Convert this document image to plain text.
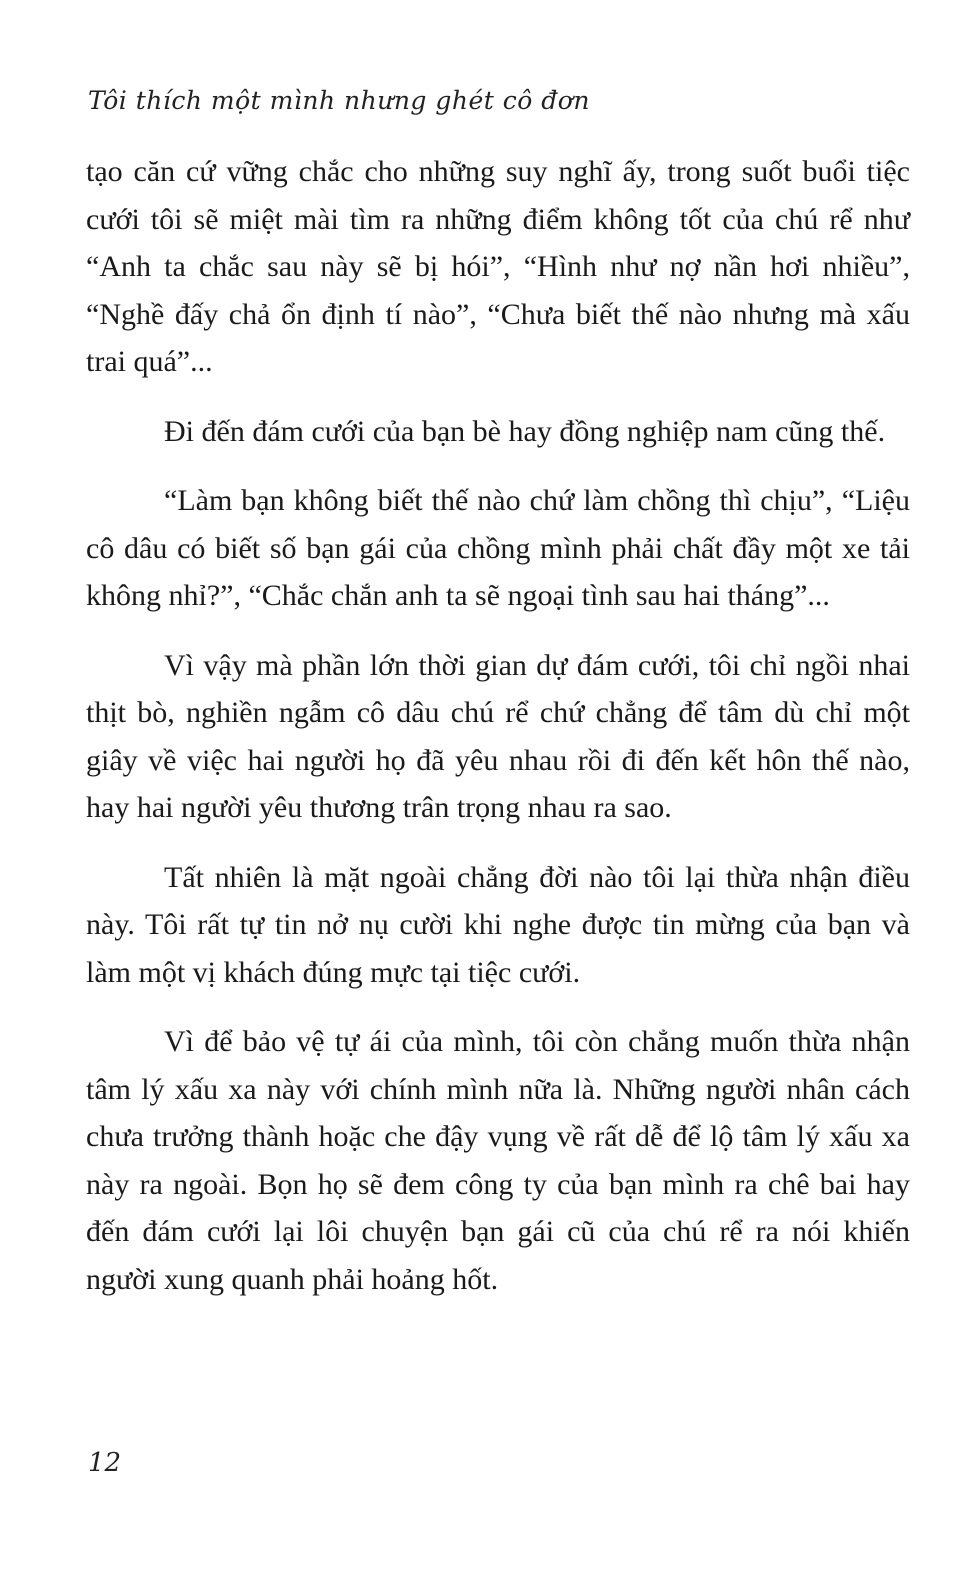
Tôi thích một mình nhưng ghét cô đơn

tạo căn cứ vững chắc cho những suy nghĩ ấy, trong suốt buổi tiệc cưới tôi sẽ miệt mài tìm ra những điểm không tốt của chú rể như “Anh ta chắc sau này sẽ bị hói”, “Hình như nợ nần hơi nhiều”, “Nghề đấy chả ổn định tí nào”, “Chưa biết thế nào nhưng mà xấu trai quá”...

Đi đến đám cưới của bạn bè hay đồng nghiệp nam cũng thế.

“Làm bạn không biết thế nào chứ làm chồng thì chịu”, “Liệu cô dâu có biết số bạn gái của chồng mình phải chất đầy một xe tải không nhỉ?”, “Chắc chắn anh ta sẽ ngoại tình sau hai tháng”...

Vì vậy mà phần lớn thời gian dự đám cưới, tôi chỉ ngồi nhai thịt bò, nghiền ngẫm cô dâu chú rể chứ chẳng để tâm dù chỉ một giây về việc hai người họ đã yêu nhau rồi đi đến kết hôn thế nào, hay hai người yêu thương trân trọng nhau ra sao.

Tất nhiên là mặt ngoài chẳng đời nào tôi lại thừa nhận điều này. Tôi rất tự tin nở nụ cười khi nghe được tin mừng của bạn và làm một vị khách đúng mực tại tiệc cưới.

Vì để bảo vệ tự ái của mình, tôi còn chẳng muốn thừa nhận tâm lý xấu xa này với chính mình nữa là. Những người nhân cách chưa trưởng thành hoặc che đậy vụng về rất dễ để lộ tâm lý xấu xa này ra ngoài. Bọn họ sẽ đem công ty của bạn mình ra chê bai hay đến đám cưới lại lôi chuyện bạn gái cũ của chú rể ra nói khiến người xung quanh phải hoảng hốt.

12
